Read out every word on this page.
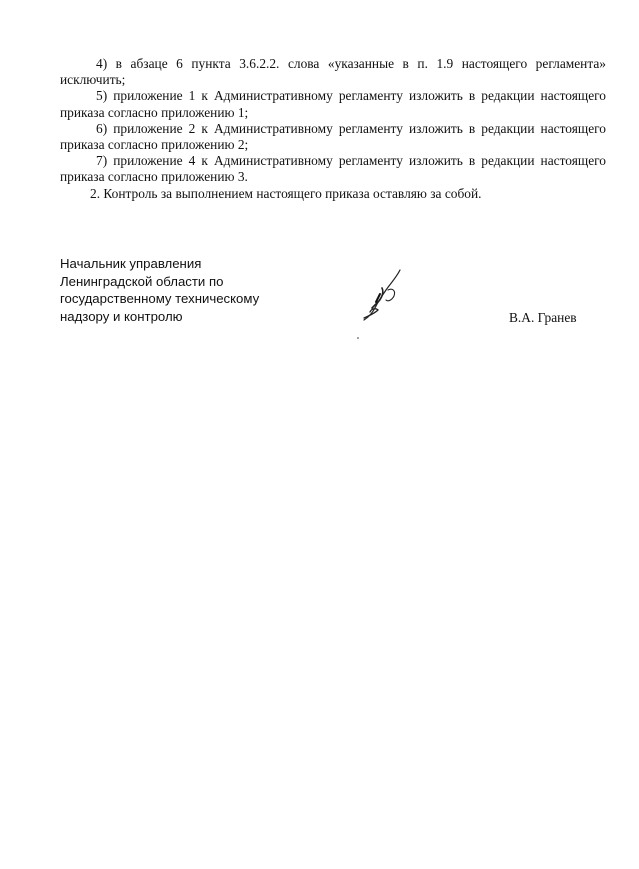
4) в абзаце 6 пункта 3.6.2.2. слова «указанные в п. 1.9 настоящего регламента» исключить;

5) приложение 1 к Административному регламенту изложить в редакции настоящего приказа согласно приложению 1;

6) приложение 2 к Административному регламенту изложить в редакции настоящего приказа согласно приложению 2;

7) приложение 4 к Административному регламенту изложить в редакции настоящего приказа согласно приложению 3.

2. Контроль за выполнением настоящего приказа оставляю за собой.

Начальник управления
Ленинградской области по
государственному техническому
надзору и контролю	В.А. Гранев
